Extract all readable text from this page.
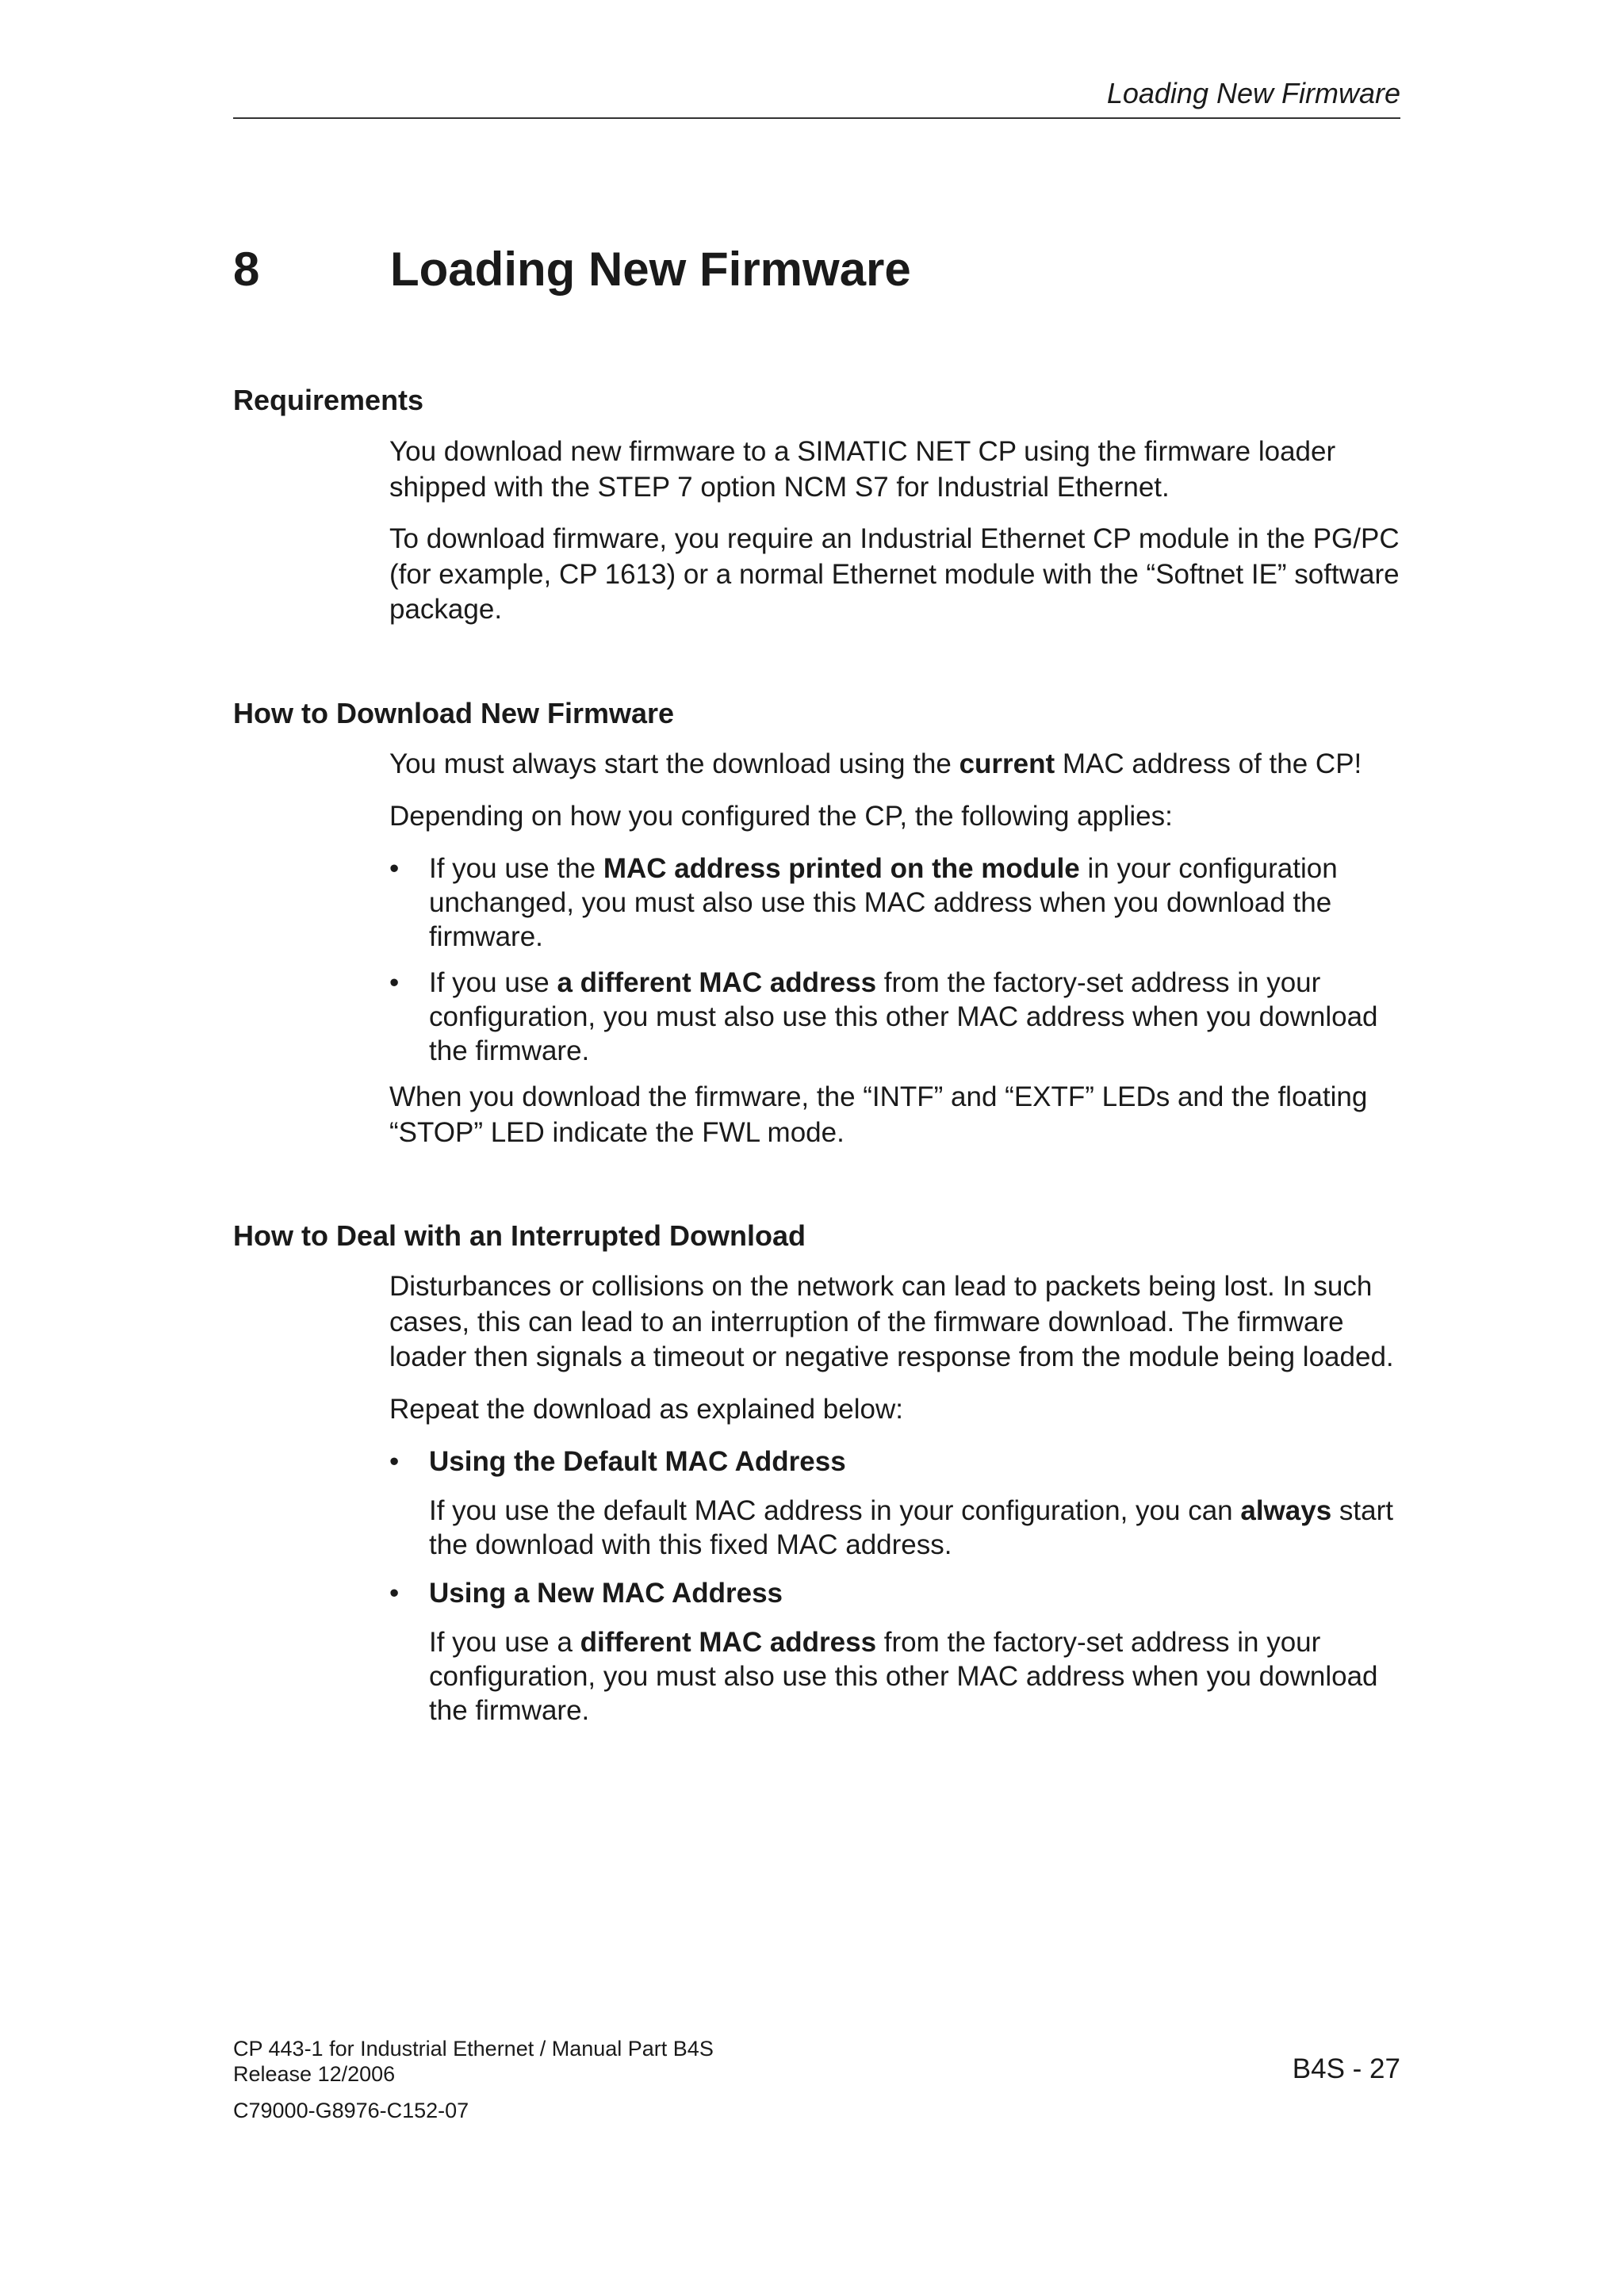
Loading New Firmware
8	Loading New Firmware
Requirements

You download new firmware to a SIMATIC NET CP using the firmware loader shipped with the STEP 7 option NCM S7 for Industrial Ethernet.

To download firmware, you require an Industrial Ethernet CP module in the PG/PC (for example, CP 1613) or a normal Ethernet module with the “Softnet IE” software package.

How to Download New Firmware

You must always start the download using the current MAC address of the CP!

Depending on how you configured the CP, the following applies:

• If you use the MAC address printed on the module in your configuration unchanged, you must also use this MAC address when you download the firmware.
• If you use a different MAC address from the factory-set address in your configuration, you must also use this other MAC address when you download the firmware.

When you download the firmware, the “INTF” and “EXTF” LEDs and the floating “STOP” LED indicate the FWL mode.

How to Deal with an Interrupted Download

Disturbances or collisions on the network can lead to packets being lost. In such cases, this can lead to an interruption of the firmware download. The firmware loader then signals a timeout or negative response from the module being loaded.

Repeat the download as explained below:

• Using the Default MAC Address

If you use the default MAC address in your configuration, you can always start the download with this fixed MAC address.

• Using a New MAC Address

If you use a different MAC address from the factory-set address in your configuration, you must also use this other MAC address when you download the firmware.

CP 443-1 for Industrial Ethernet / Manual Part B4S
Release 12/2006
C79000-G8976-C152-07
B4S - 27
